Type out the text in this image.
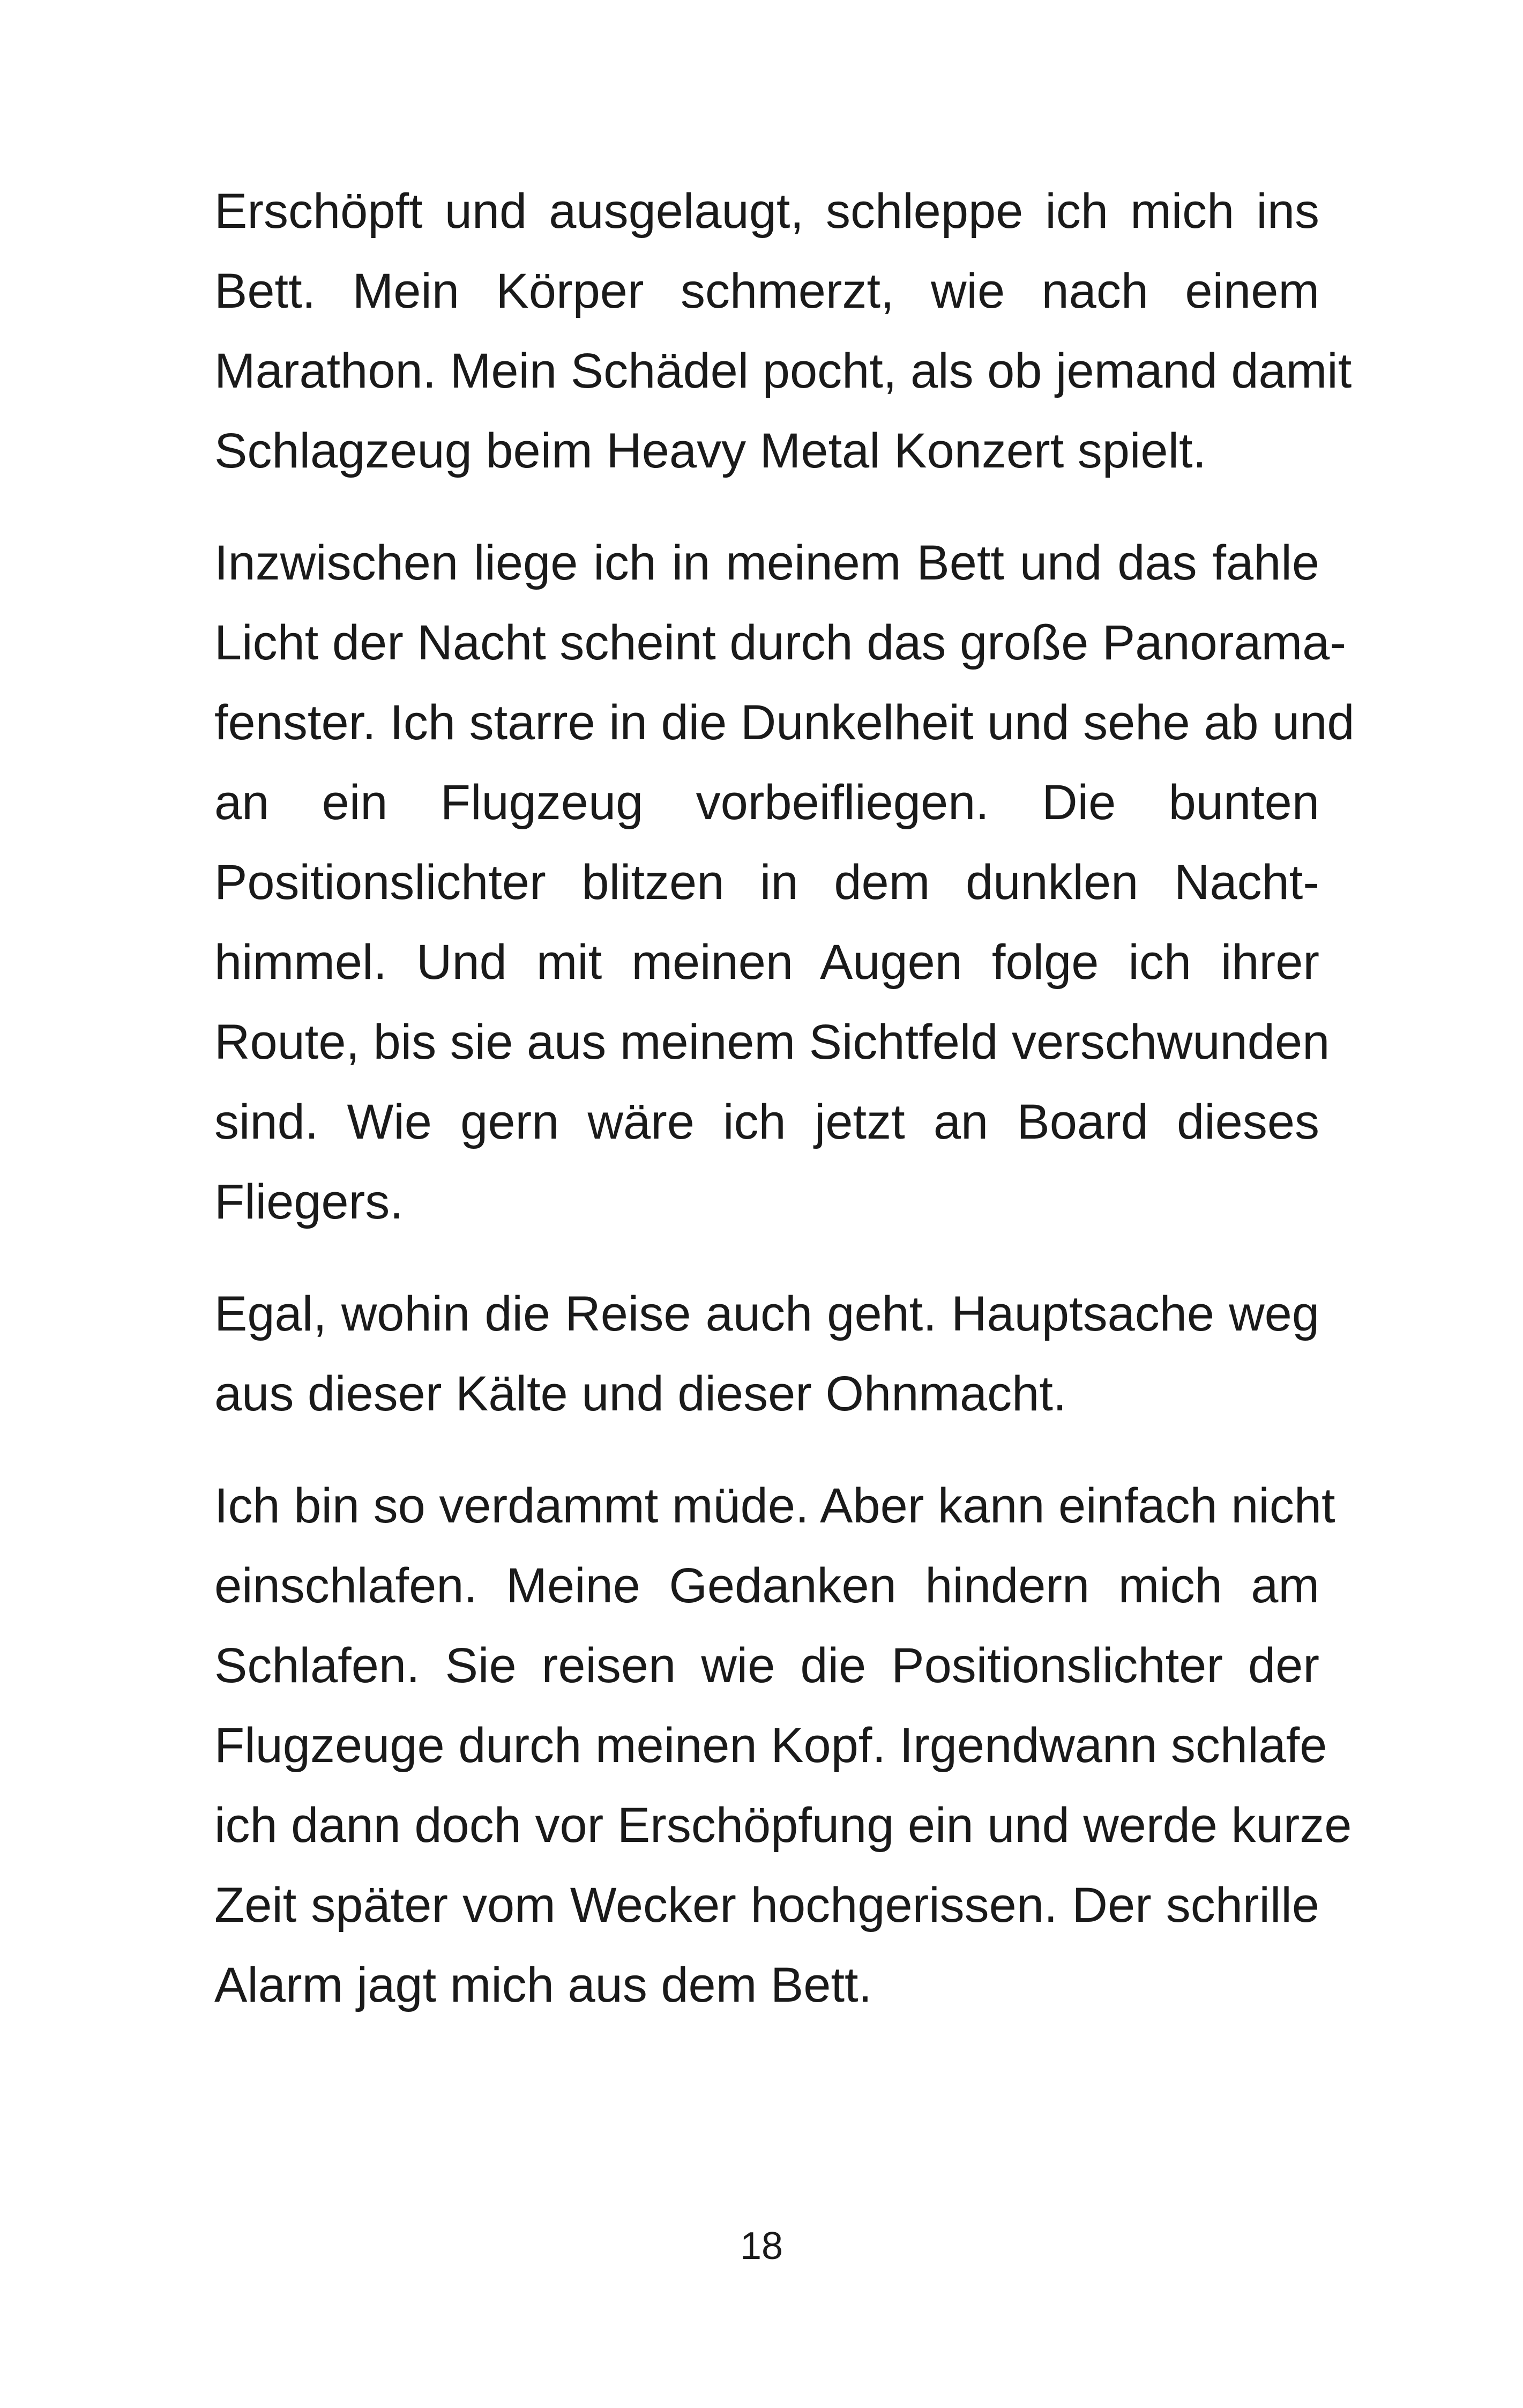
Erschöpft und ausgelaugt, schleppe ich mich ins
Bett. Mein Körper schmerzt, wie nach einem
Marathon. Mein Schädel pocht, als ob jemand damit
Schlagzeug beim Heavy Metal Konzert spielt.

Inzwischen liege ich in meinem Bett und das fahle
Licht der Nacht scheint durch das große Panorama-
fenster. Ich starre in die Dunkelheit und sehe ab und
an ein Flugzeug vorbeifliegen. Die bunten
Positionslichter blitzen in dem dunklen Nacht-
himmel. Und mit meinen Augen folge ich ihrer
Route, bis sie aus meinem Sichtfeld verschwunden
sind. Wie gern wäre ich jetzt an Board dieses
Fliegers.

Egal, wohin die Reise auch geht. Hauptsache weg
aus dieser Kälte und dieser Ohnmacht.

Ich bin so verdammt müde. Aber kann einfach nicht
einschlafen. Meine Gedanken hindern mich am
Schlafen. Sie reisen wie die Positionslichter der
Flugzeuge durch meinen Kopf. Irgendwann schlafe
ich dann doch vor Erschöpfung ein und werde kurze
Zeit später vom Wecker hochgerissen. Der schrille
Alarm jagt mich aus dem Bett.

18
